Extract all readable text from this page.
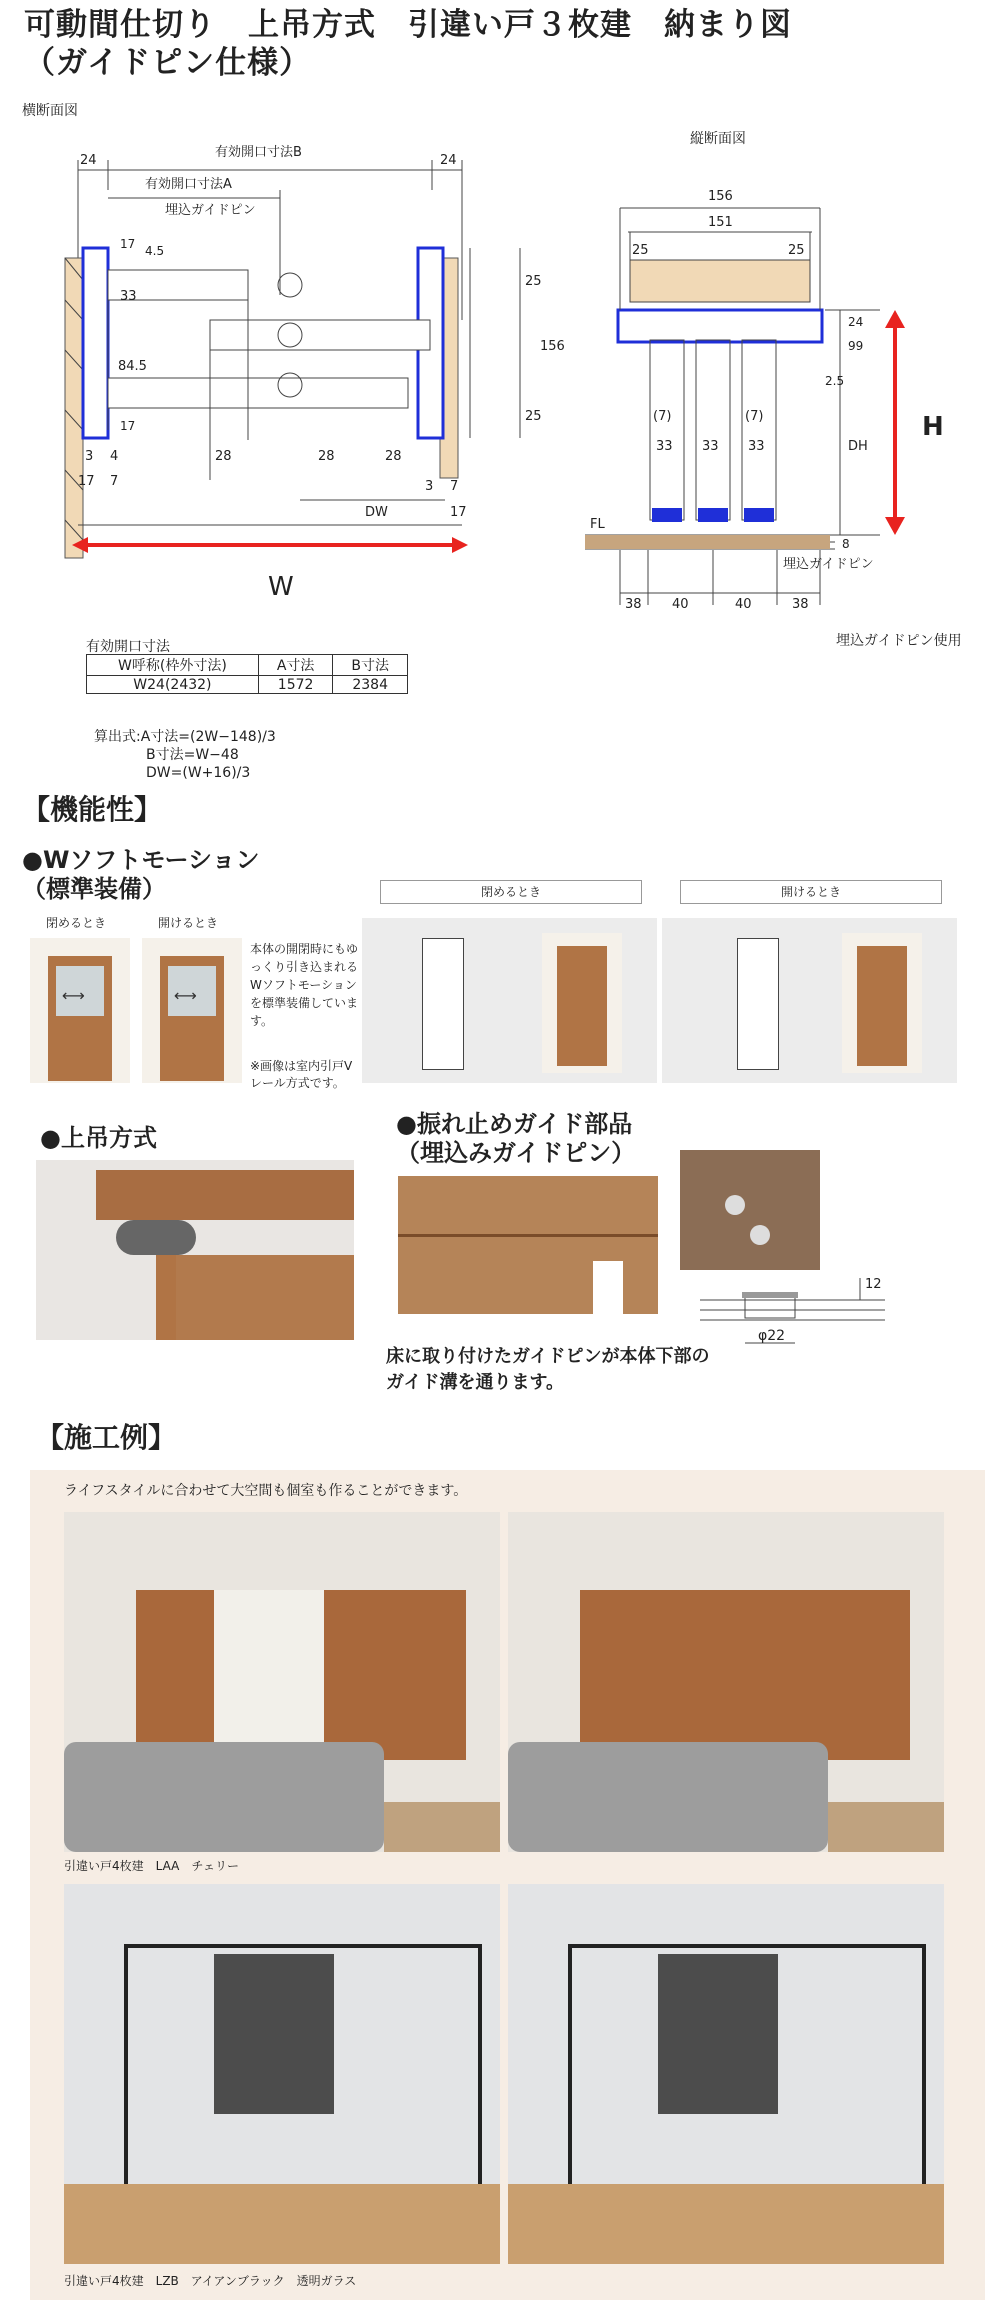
可動間仕切り　上吊方式　引違い戸３枚建　納まり図
（ガイドピン仕様）
横断面図
24	24
有効開口寸法B
有効開口寸法A
埋込ガイドピン
17 4.5
33
84.5
17
25
156
25
3 4
17 7
28	28	28
3 7
DW	17
W
縦断面図
156
151
25	25
24
99
2.5
(7)	(7)
33 33 33	DH
H
8
FL
埋込ガイドピン
38 40	40	38
埋込ガイドピン使用
有効開口寸法
W呼称(枠外寸法)	A寸法	B寸法
W24(2432)	1572	2384
算出式:A寸法=(2W−148)/3
B寸法=W−48
DW=(W+16)/3
【機能性】
●Wソフトモーション
（標準装備）
閉めるとき	開けるとき
⟷	⟷
本体の開閉時にもゆっくり引き込まれるWソフトモーションを標準装備しています。
※画像は室内引戸Vレール方式です。
閉めるとき	開けるとき
●上吊方式	●振れ止めガイド部品
（埋込みガイドピン）
12
φ22
床に取り付けたガイドピンが本体下部の
ガイド溝を通ります。
【施工例】
ライフスタイルに合わせて大空間も個室も作ることができます。
引違い戸4枚建　LAA　チェリー
引違い戸4枚建　LZB　アイアンブラック　透明ガラス
